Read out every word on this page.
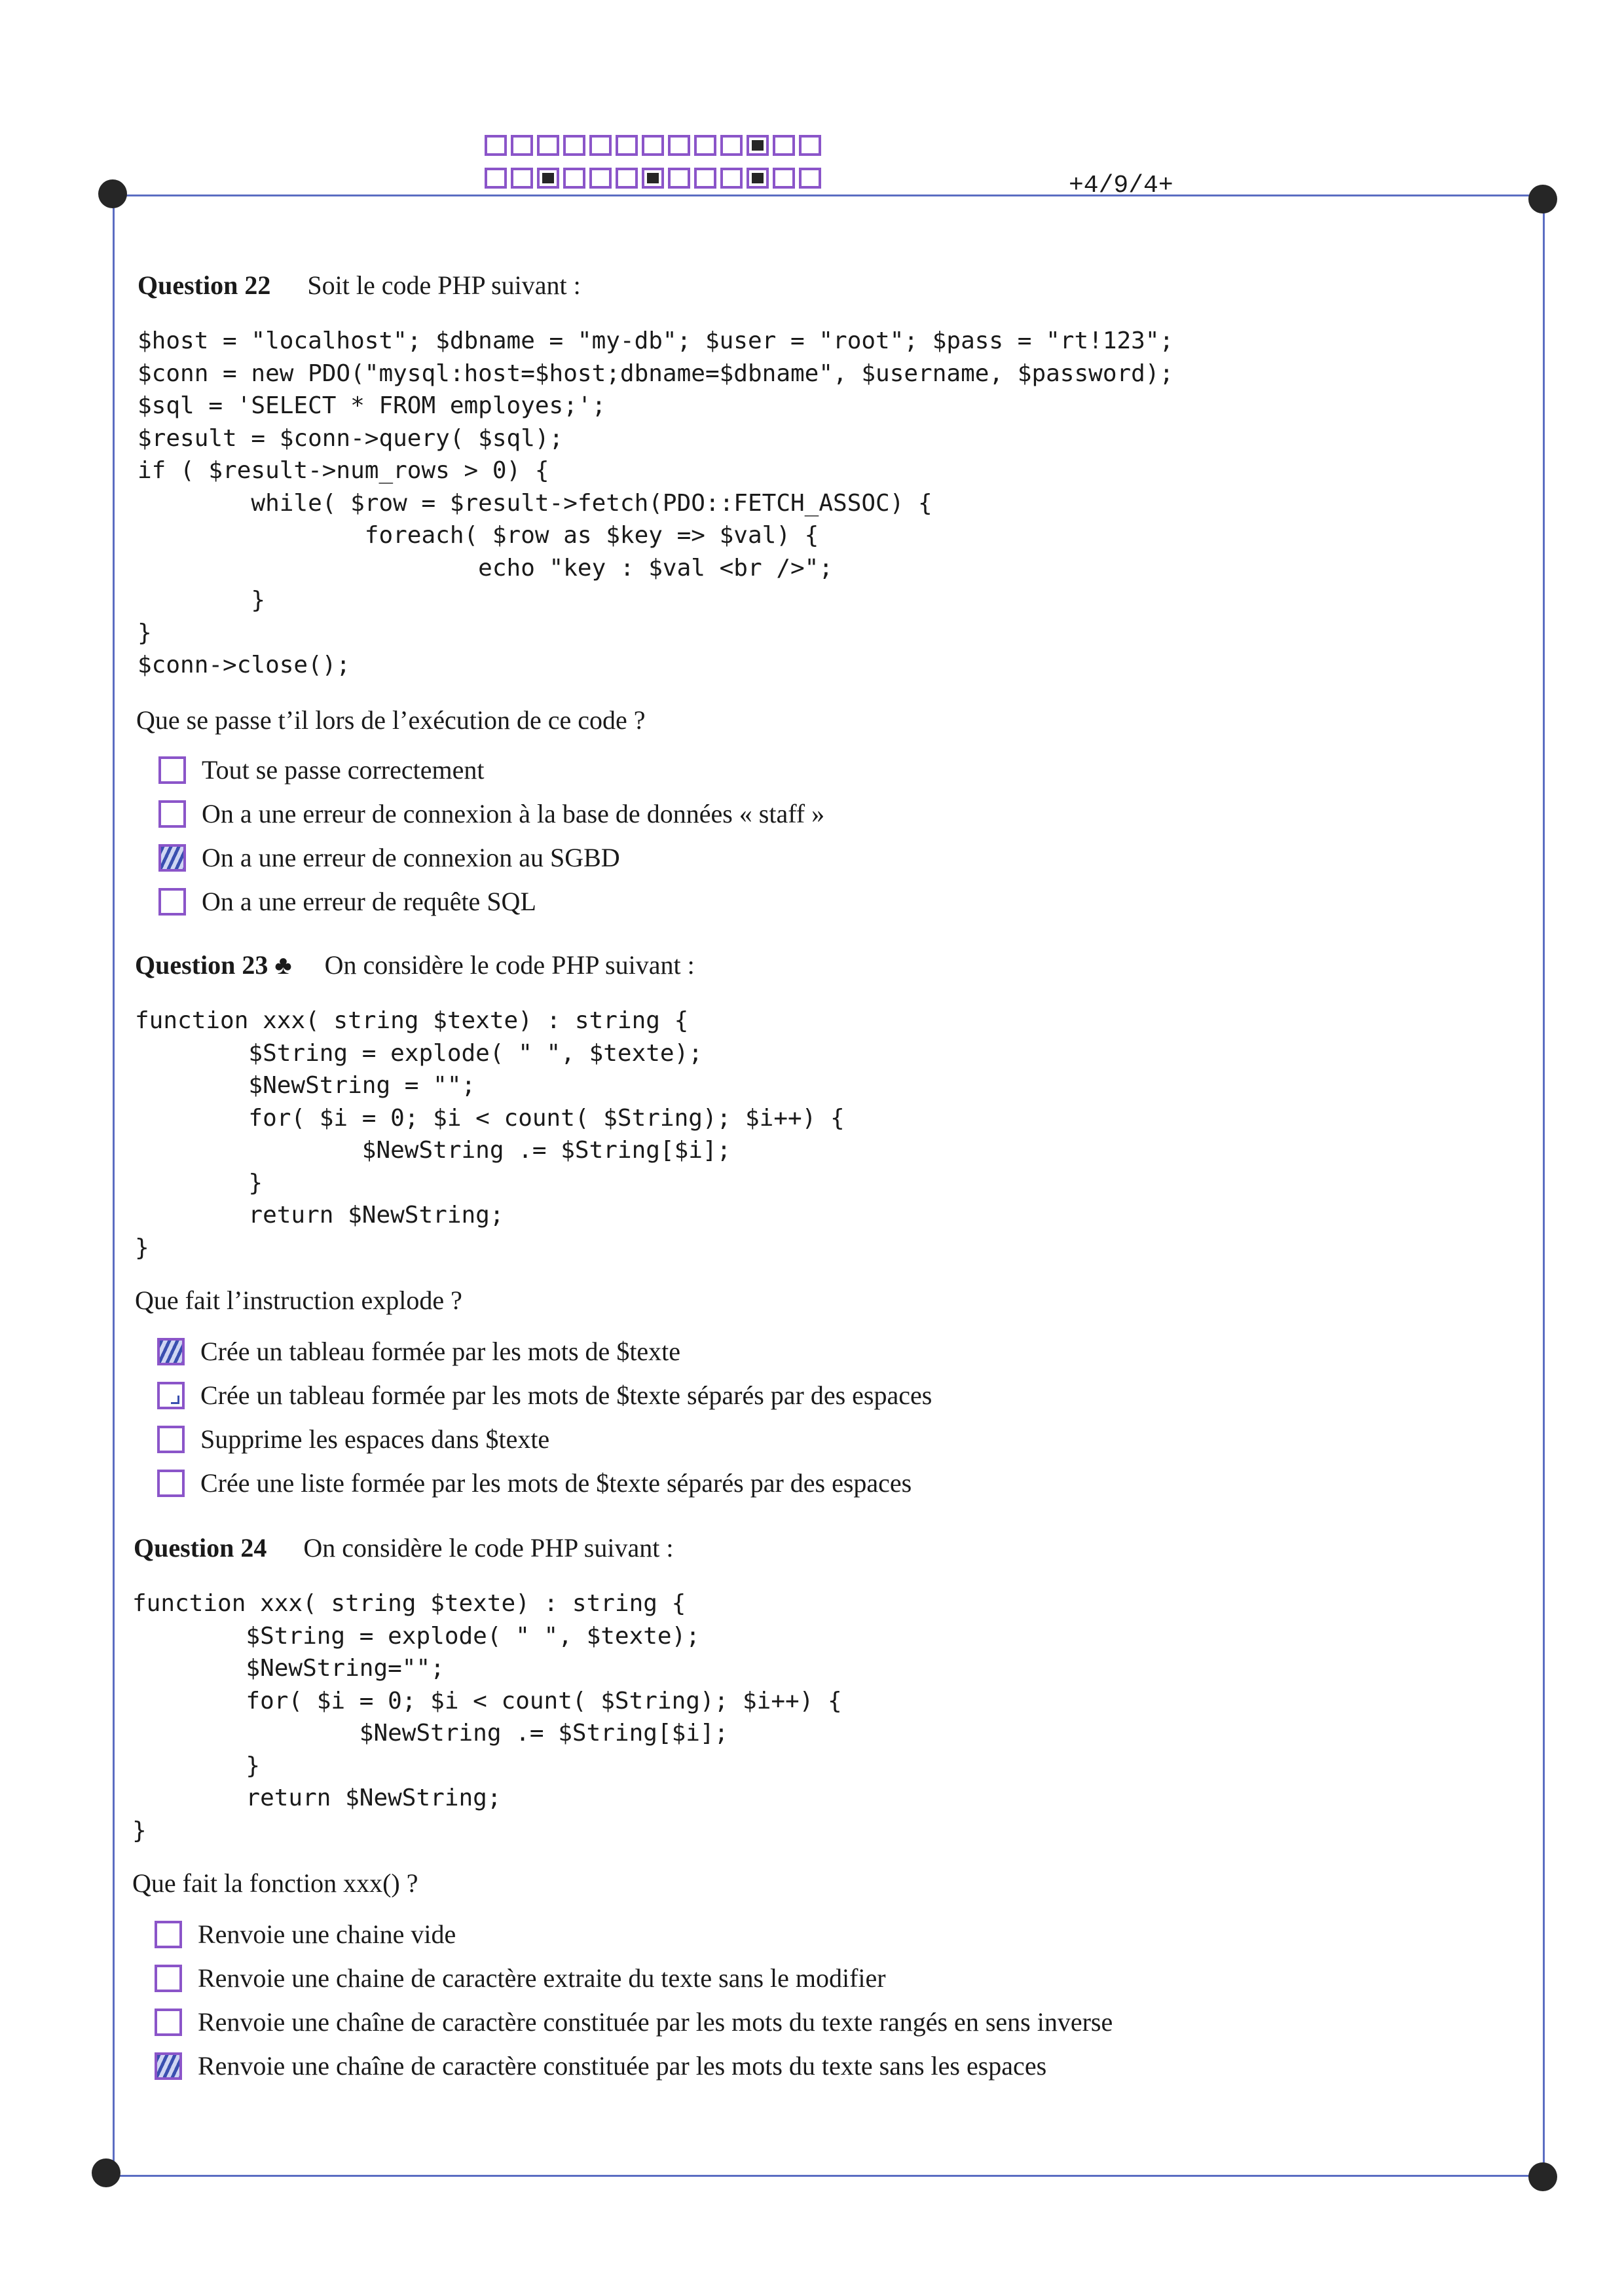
+4/9/4+
Question 22 Soit le code PHP suivant :
$host = "localhost"; $dbname = "my-db"; $user = "root"; $pass = "rt!123";
$conn = new PDO("mysql:host=$host;dbname=$dbname", $username, $password);
$sql = 'SELECT * FROM employes;';
$result = $conn->query( $sql);
if ( $result->num_rows > 0) {
while( $row = $result->fetch(PDO::FETCH_ASSOC) {
foreach( $row as $key => $val) {
echo "key : $val <br />";
}
}
$conn->close();
Que se passe t’il lors de l’exécution de ce code ?
Tout se passe correctement
On a une erreur de connexion à la base de données « staff »
On a une erreur de connexion au SGBD
On a une erreur de requête SQL
Question 23 ♣ On considère le code PHP suivant :
function xxx( string $texte) : string {
$String = explode( " ", $texte);
$NewString = "";
for( $i = 0; $i < count( $String); $i++) {
$NewString .= $String[$i];
}
return $NewString;
}
Que fait l’instruction explode ?
Crée un tableau formée par les mots de $texte
Crée un tableau formée par les mots de $texte séparés par des espaces
Supprime les espaces dans $texte
Crée une liste formée par les mots de $texte séparés par des espaces
Question 24 On considère le code PHP suivant :
function xxx( string $texte) : string {
$String = explode( " ", $texte);
$NewString="";
for( $i = 0; $i < count( $String); $i++) {
$NewString .= $String[$i];
}
return $NewString;
}
Que fait la fonction xxx() ?
Renvoie une chaine vide
Renvoie une chaine de caractère extraite du texte sans le modifier
Renvoie une chaîne de caractère constituée par les mots du texte rangés en sens inverse
Renvoie une chaîne de caractère constituée par les mots du texte sans les espaces
